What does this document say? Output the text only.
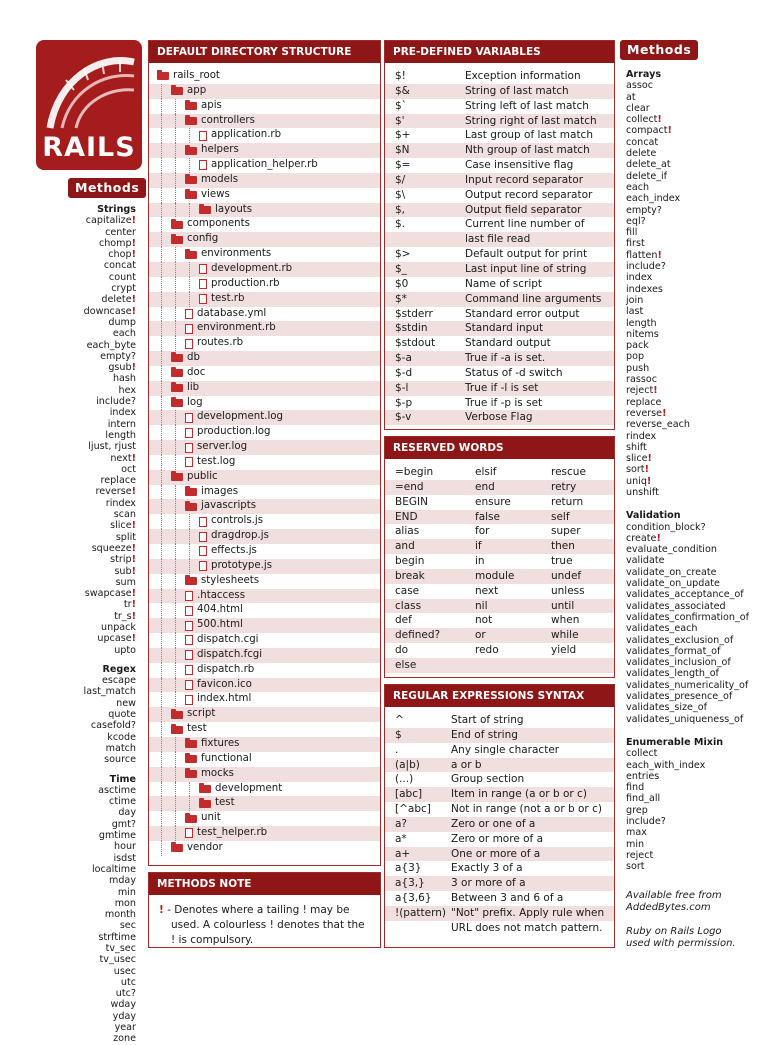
RAILS
Methods
Strings
capitalize!
center
chomp!
chop!
concat
count
crypt
delete!
downcase!
dump
each
each_byte
empty?
gsub!
hash
hex
include?
index
intern
length
ljust, rjust
next!
oct
replace
reverse!
rindex
scan
slice!
split
squeeze!
strip!
sub!
sum
swapcase!
tr!
tr_s!
unpack
upcase!
upto
Regex
escape
last_match
new
quote
casefold?
kcode
match
source
Time
asctime
ctime
day
gmt?
gmtime
hour
isdst
localtime
mday
min
mon
month
sec
strftime
tv_sec
tv_usec
usec
utc
utc?
wday
yday
year
zone
DEFAULT DIRECTORY STRUCTURE
rails_root
app
apis
controllers
application.rb
helpers
application_helper.rb
models
views
layouts
components
config
environments
development.rb
production.rb
test.rb
database.yml
environment.rb
routes.rb
db
doc
lib
log
development.log
production.log
server.log
test.log
public
images
javascripts
controls.js
dragdrop.js
effects.js
prototype.js
stylesheets
.htaccess
404.html
500.html
dispatch.cgi
dispatch.fcgi
dispatch.rb
favicon.ico
index.html
script
test
fixtures
functional
mocks
development
test
unit
test_helper.rb
vendor
METHODS NOTE
! - Denotes where a tailing ! may be used. A colourless ! denotes that the ! is compulsory.
PRE-DEFINED VARIABLES
$!	Exception information
$&	String of last match
$`	String left of last match
$'	String right of last match
$+	Last group of last match
$N	Nth group of last match
$=	Case insensitive flag
$/	Input record separator
$\	Output record separator
$,	Output field separator
$.	Current line number of
last file read
$>	Default output for print
$_	Last input line of string
$0	Name of script
$*	Command line arguments
$stderr	Standard error output
$stdin	Standard input
$stdout	Standard output
$-a	True if -a is set.
$-d	Status of -d switch
$-l	True if -l is set
$-p	True if -p is set
$-v	Verbose Flag
RESERVED WORDS
=begin	elsif	rescue
=end	end	retry
BEGIN	ensure	return
END	false	self
alias	for	super
and	if	then
begin	in	true
break	module	undef
case	next	unless
class	nil	until
def	not	when
defined?	or	while
do	redo	yield
else
REGULAR EXPRESSIONS SYNTAX
^	Start of string
$	End of string
.	Any single character
(a|b)	a or b
(...)	Group section
[abc]	Item in range (a or b or c)
[^abc] Not in range (not a or b or c)
a?	Zero or one of a
a*	Zero or more of a
a+	One or more of a
a{3}	Exactly 3 of a
a{3,} 3 or more of a
a{3,6} Between 3 and 6 of a
!(pattern) "Not" prefix. Apply rule when
URL does not match pattern.
Methods
Arrays
assoc
at
clear
collect!
compact!
concat
delete
delete_at
delete_if
each
each_index
empty?
eql?
fill
first
flatten!
include?
index
indexes
join
last
length
nitems
pack
pop
push
rassoc
reject!
replace
reverse!
reverse_each
rindex
shift
slice!
sort!
uniq!
unshift
Validation
condition_block?
create!
evaluate_condition
validate
validate_on_create
validate_on_update
validates_acceptance_of
validates_associated
validates_confirmation_of
validates_each
validates_exclusion_of
validates_format_of
validates_inclusion_of
validates_length_of
validates_numericality_of
validates_presence_of
validates_size_of
validates_uniqueness_of
Enumerable Mixin
collect
each_with_index
entries
find
find_all
grep
include?
max
min
reject
sort
Available free from
AddedBytes.com
Ruby on Rails Logo
used with permission.
